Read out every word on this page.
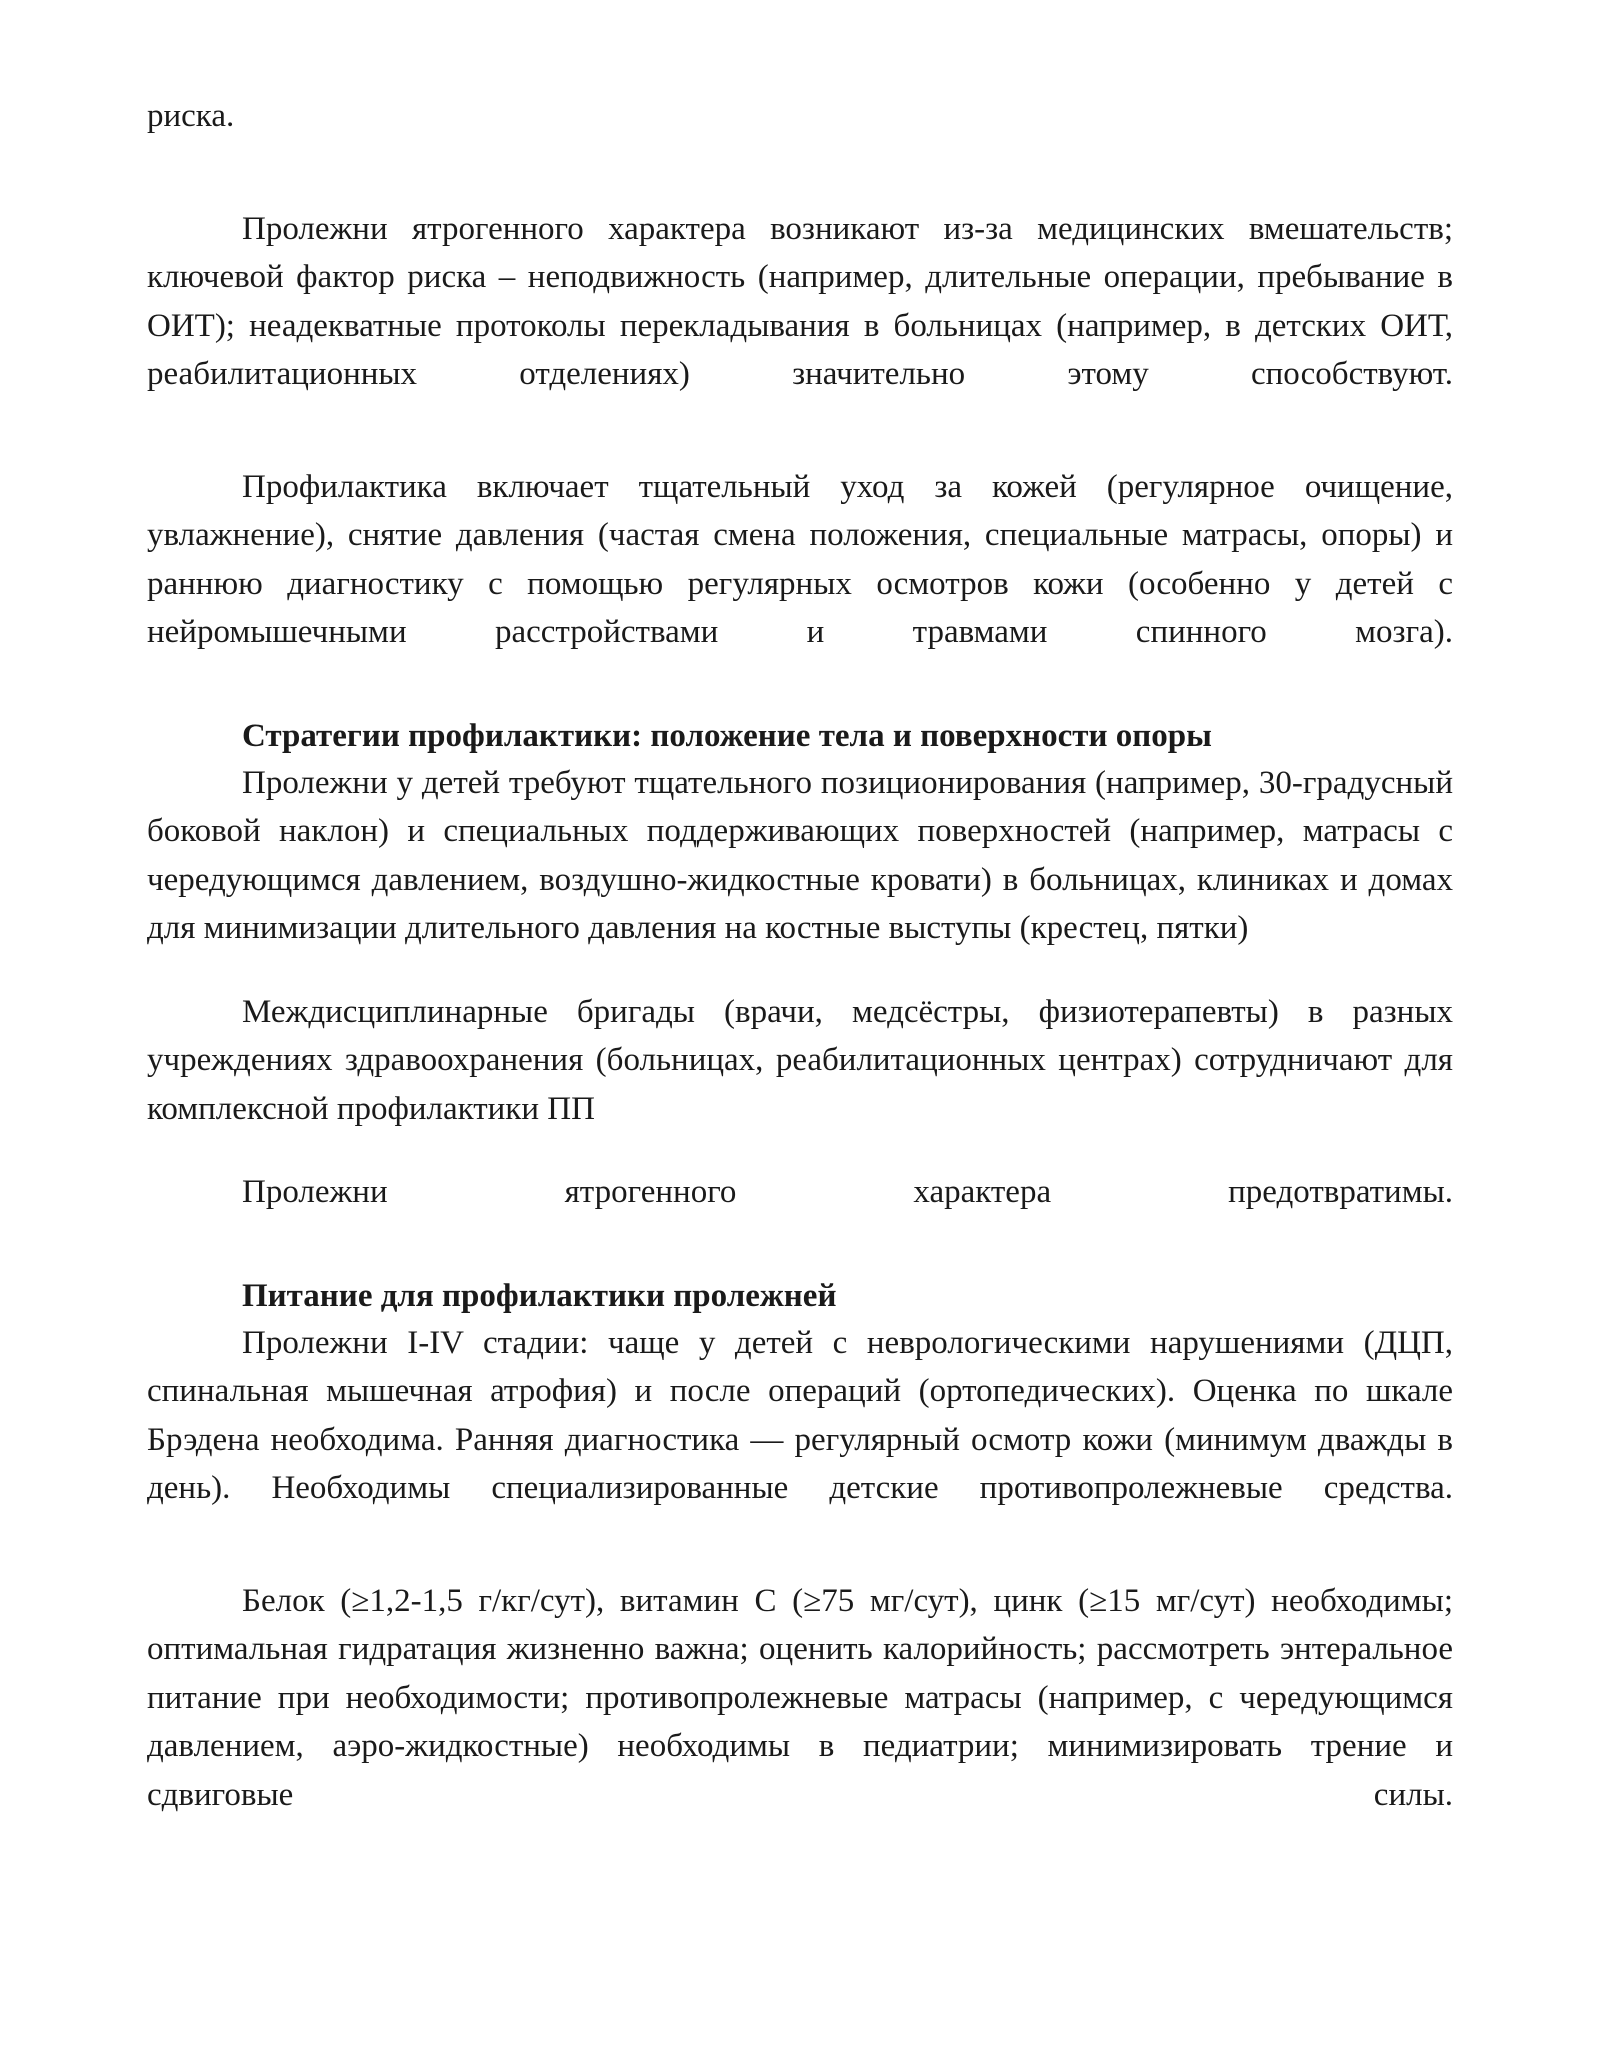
риска.

Пролежни ятрогенного характера возникают из-за медицинских вмешательств; ключевой фактор риска – неподвижность (например, длительные операции, пребывание в ОИТ); неадекватные протоколы перекладывания в больницах (например, в детских ОИТ, реабилитационных отделениях) значительно этому способствуют.

Профилактика включает тщательный уход за кожей (регулярное очищение, увлажнение), снятие давления (частая смена положения, специальные матрасы, опоры) и раннюю диагностику с помощью регулярных осмотров кожи (особенно у детей с нейромышечными расстройствами и травмами спинного мозга).

Стратегии профилактики: положение тела и поверхности опоры

Пролежни у детей требуют тщательного позиционирования (например, 30-градусный боковой наклон) и специальных поддерживающих поверхностей (например, матрасы с чередующимся давлением, воздушно-жидкостные кровати) в больницах, клиниках и домах для минимизации длительного давления на костные выступы (крестец, пятки)

Междисциплинарные бригады (врачи, медсёстры, физиотерапевты) в разных учреждениях здравоохранения (больницах, реабилитационных центрах) сотрудничают для комплексной профилактики ПП

Пролежни ятрогенного характера предотвратимы.

Питание для профилактики пролежней

Пролежни I-IV стадии: чаще у детей с неврологическими нарушениями (ДЦП, спинальная мышечная атрофия) и после операций (ортопедических). Оценка по шкале Брэдена необходима. Ранняя диагностика — регулярный осмотр кожи (минимум дважды в день). Необходимы специализированные детские противопролежневые средства.

Белок (≥1,2-1,5 г/кг/сут), витамин С (≥75 мг/сут), цинк (≥15 мг/сут) необходимы; оптимальная гидратация жизненно важна; оценить калорийность; рассмотреть энтеральное питание при необходимости; противопролежневые матрасы (например, с чередующимся давлением, аэро-жидкостные) необходимы в педиатрии; минимизировать трение и сдвиговые силы.
